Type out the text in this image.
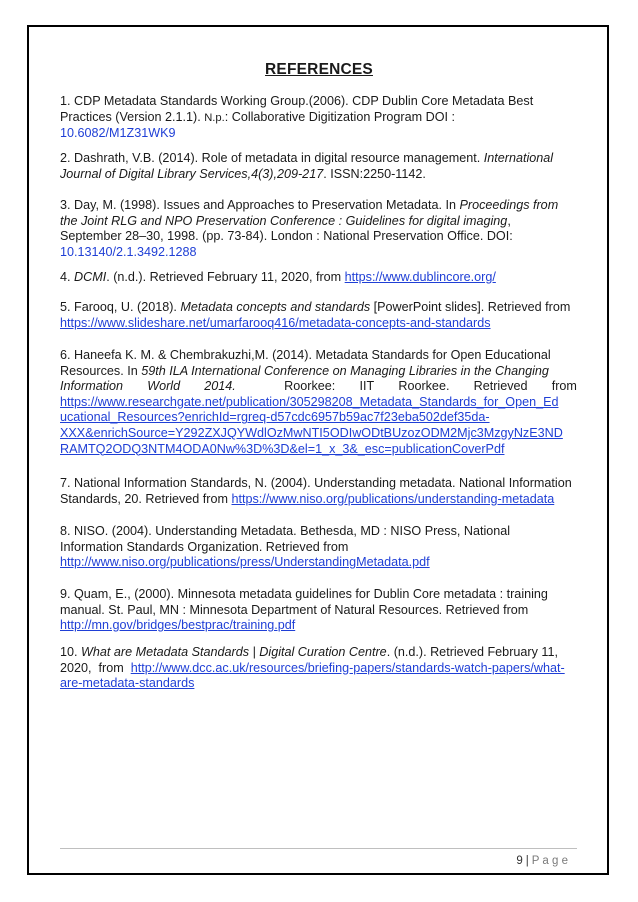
REFERENCES
1. CDP Metadata Standards Working Group.(2006). CDP Dublin Core Metadata Best
Practices (Version 2.1.1). N.p.: Collaborative Digitization Program DOI :
10.6082/M1Z31WK9
2. Dashrath, V.B. (2014). Role of metadata in digital resource management. International
Journal of Digital Library Services,4(3),209-217. ISSN:2250-1142.
3. Day, M. (1998). Issues and Approaches to Preservation Metadata. In Proceedings from
the Joint RLG and NPO Preservation Conference : Guidelines for digital imaging,
September 28–30, 1998. (pp. 73-84). London : National Preservation Office. DOI:
10.13140/2.1.3492.1288
4. DCMI. (n.d.). Retrieved February 11, 2020, from https://www.dublincore.org/
5. Farooq, U. (2018). Metadata concepts and standards [PowerPoint slides]. Retrieved from
https://www.slideshare.net/umarfarooq416/metadata-concepts-and-standards
6. Haneefa K. M. & Chembrakuzhi,M. (2014). Metadata Standards for Open Educational
Resources. In 59th ILA International Conference on Managing Libraries in the Changing
Information World 2014.	Roorkee: IIT Roorkee. Retrieved from
https://www.researchgate.net/publication/305298208_Metadata_Standards_for_Open_Ed
ucational_Resources?enrichId=rgreq-d57cdc6957b59ac7f23eba502def35da-
XXX&enrichSource=Y292ZXJQYWdlOzMwNTI5ODIwODtBUzozODM2Mjc3MzgyNzE3ND
RAMTQ2ODQ3NTM4ODA0Nw%3D%3D&el=1_x_3&_esc=publicationCoverPdf
7. National Information Standards, N. (2004). Understanding metadata. National Information
Standards, 20. Retrieved from https://www.niso.org/publications/understanding-metadata
8. NISO. (2004). Understanding Metadata. Bethesda, MD : NISO Press, National
Information Standards Organization. Retrieved from
http://www.niso.org/publications/press/UnderstandingMetadata.pdf
9. Quam, E., (2000). Minnesota metadata guidelines for Dublin Core metadata : training
manual. St. Paul, MN : Minnesota Department of Natural Resources. Retrieved from
http://mn.gov/bridges/bestprac/training.pdf
10. What are Metadata Standards | Digital Curation Centre. (n.d.). Retrieved February 11,
2020,  from  http://www.dcc.ac.uk/resources/briefing-papers/standards-watch-papers/what-
are-metadata-standards
9 | P a g e
